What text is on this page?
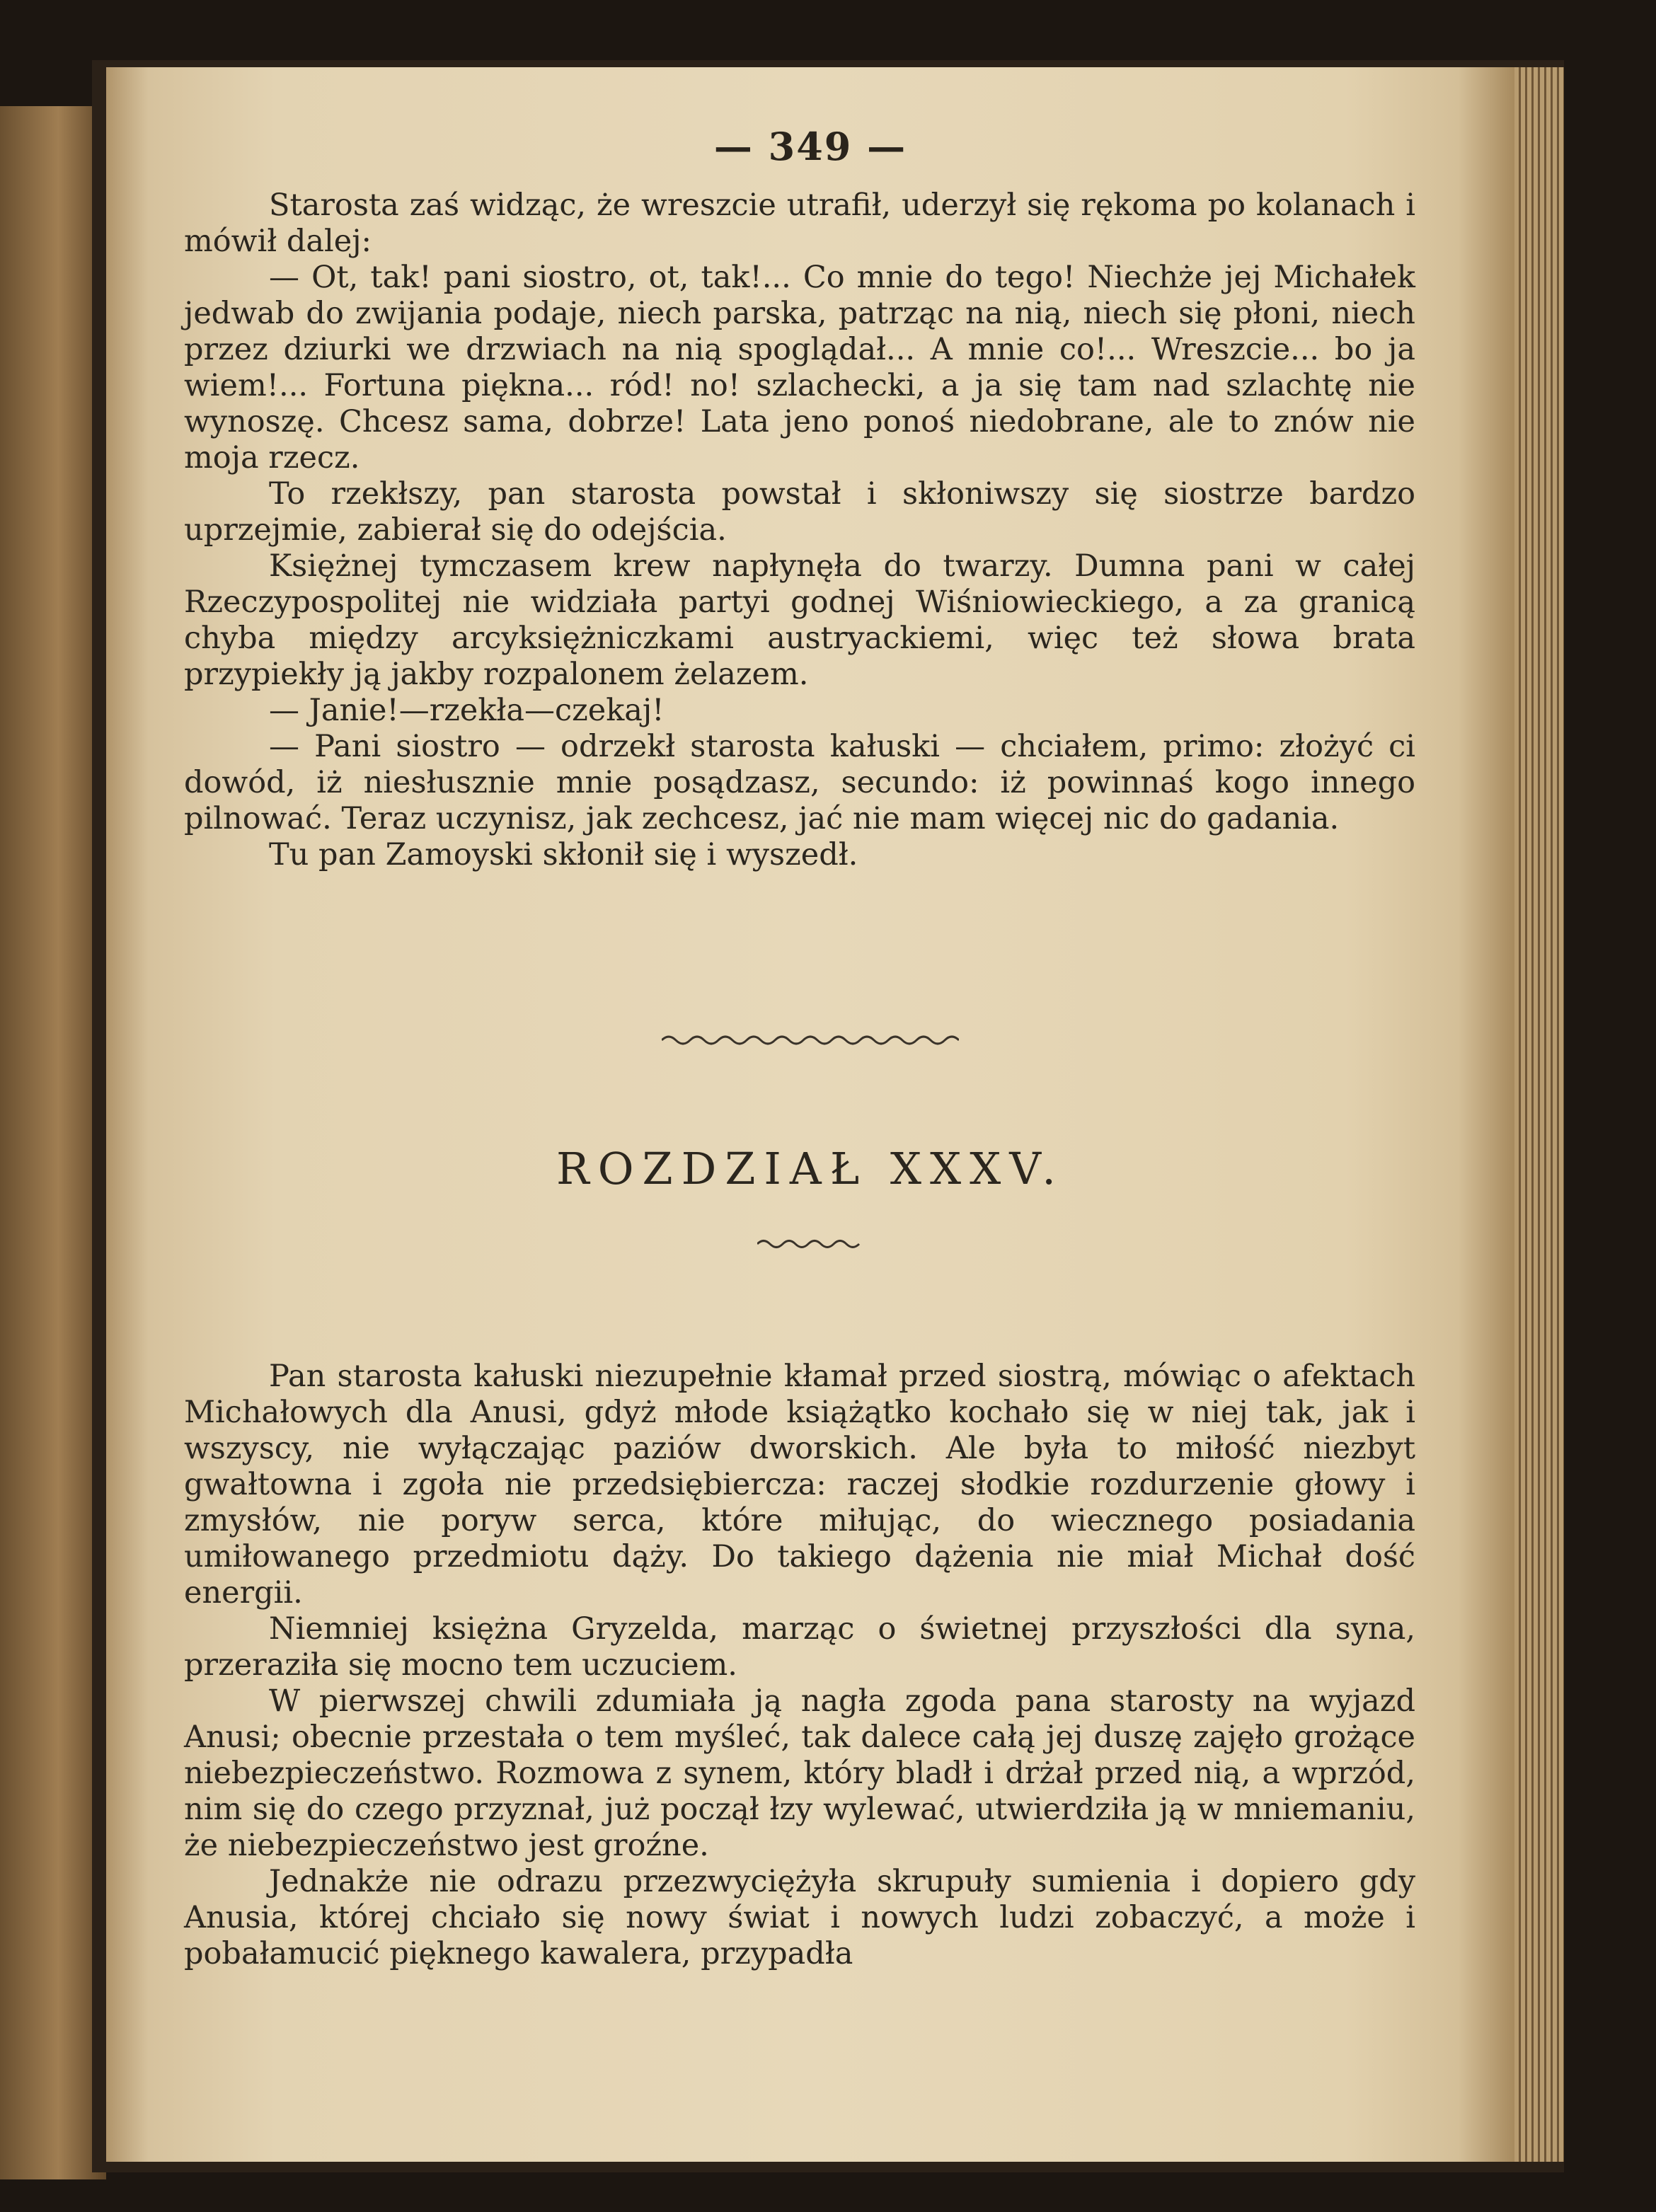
— 349 —

Starosta zaś widząc, że wreszcie utrafił, uderzył się rękoma po kolanach i mówił dalej:

— Ot, tak! pani siostro, ot, tak!... Co mnie do tego! Niechże jej Michałek jedwab do zwijania podaje, niech parska, patrząc na nią, niech się płoni, niech przez dziurki we drzwiach na nią spoglądał... A mnie co!... Wreszcie... bo ja wiem!... Fortuna piękna... ród! no! szlachecki, a ja się tam nad szlachtę nie wynoszę. Chcesz sama, dobrze! Lata jeno ponoś niedobrane, ale to znów nie moja rzecz.

To rzekłszy, pan starosta powstał i skłoniwszy się siostrze bardzo uprzejmie, zabierał się do odejścia.

Księżnej tymczasem krew napłynęła do twarzy. Dumna pani w całej Rzeczypospolitej nie widziała partyi godnej Wiśniowieckiego, a za granicą chyba między arcyksiężniczkami austryackiemi, więc też słowa brata przypiekły ją jakby rozpalonem żelazem.

— Janie!—rzekła—czekaj!

— Pani siostro — odrzekł starosta kałuski — chciałem, primo: złożyć ci dowód, iż niesłusznie mnie posądzasz, secundo: iż powinnaś kogo innego pilnować. Teraz uczynisz, jak zechcesz, jać nie mam więcej nic do gadania.

Tu pan Zamoyski skłonił się i wyszedł.

ROZDZIAŁ XXXV.

Pan starosta kałuski niezupełnie kłamał przed siostrą, mówiąc o afektach Michałowych dla Anusi, gdyż młode książątko kochało się w niej tak, jak i wszyscy, nie wyłączając paziów dworskich. Ale była to miłość niezbyt gwałtowna i zgoła nie przedsiębiercza: raczej słodkie rozdurzenie głowy i zmysłów, nie poryw serca, które miłując, do wiecznego posiadania umiłowanego przedmiotu dąży. Do takiego dążenia nie miał Michał dość energii.

Niemniej księżna Gryzelda, marząc o świetnej przyszłości dla syna, przeraziła się mocno tem uczuciem.

W pierwszej chwili zdumiała ją nagła zgoda pana starosty na wyjazd Anusi; obecnie przestała o tem myśleć, tak dalece całą jej duszę zajęło grożące niebezpieczeństwo. Rozmowa z synem, który bladł i drżał przed nią, a wprzód, nim się do czego przyznał, już począł łzy wylewać, utwierdziła ją w mniemaniu, że niebezpieczeństwo jest groźne.

Jednakże nie odrazu przezwyciężyła skrupuły sumienia i dopiero gdy Anusia, której chciało się nowy świat i nowych ludzi zobaczyć, a może i pobałamucić pięknego kawalera, przypadła
